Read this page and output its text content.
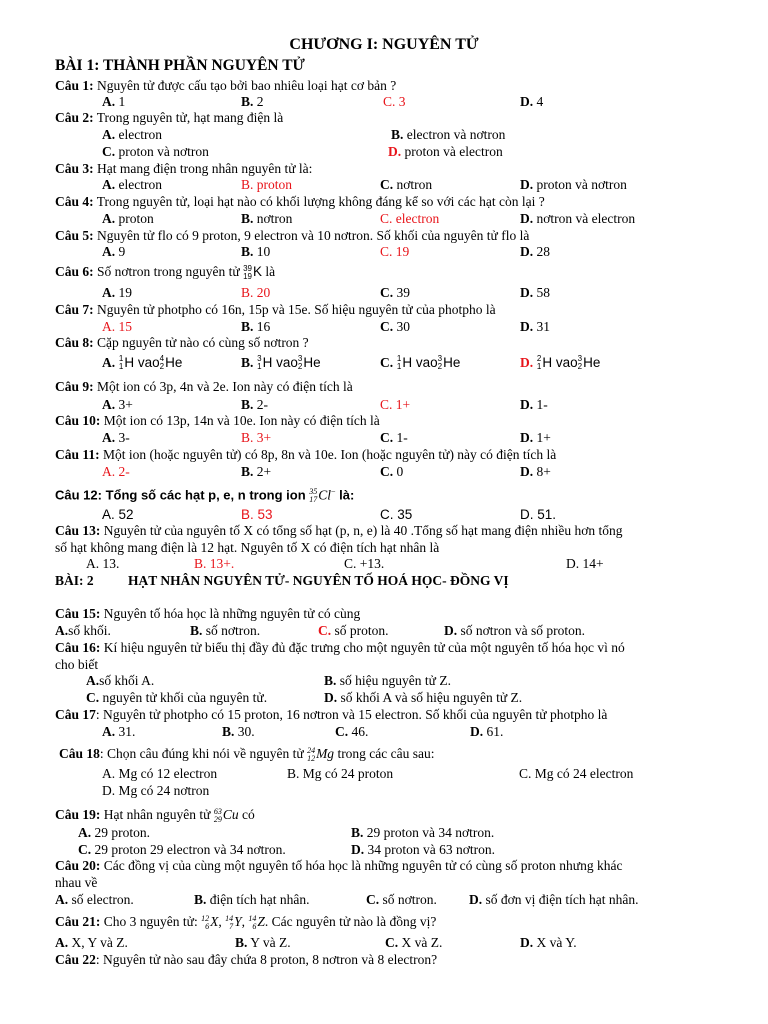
CHƯƠNG I: NGUYÊN TỬ
BÀI 1: THÀNH PHẦN NGUYÊN TỬ
Câu 1: Nguyên tử được cấu tạo bởi bao nhiêu loại hạt cơ bản ?
A. 1	B. 2	C. 3	D. 4
Câu 2: Trong nguyên tử, hạt mang điện là
A. electron	B. electron và nơtron
C. proton và nơtron	D. proton và electron
Câu 3: Hạt mang điện trong nhân nguyên tử là:
A. electron	B. proton	C. nơtron	D. proton và nơtron
Câu 4: Trong nguyên tử, loại hạt nào có khối lượng không đáng kể so với các hạt còn lại ?
A. proton	B. nơtron	C. electron	D. nơtron và electron
Câu 5: Nguyên tử flo có 9 proton, 9 electron và 10 nơtron. Số khối của nguyên tử flo là
A. 9	B. 10	C. 19	D. 28
Câu 6: Số nơtron trong nguyên tử 39
19 K là
A. 19	B. 20	C. 39	D. 58
Câu 7: Nguyên tử photpho có 16n, 15p và 15e. Số hiệu nguyên tử của photpho là
A. 15	B. 16	C. 30	D. 31
Câu 8: Cặp nguyên tử nào có cùng số nơtron ?
A. 1
1 H vao 4
2 He	B. 3
1 H vao 3
2 He	C. 1
1 H vao 3
2 He	D. 2
1 H vao 3
2 He
Câu 9: Một ion có 3p, 4n và 2e. Ion này có điện tích là
A. 3+	B. 2-	C. 1+	D. 1-
Câu 10: Một ion có 13p, 14n và 10e. Ion này có điện tích là
A. 3-	B. 3+	C. 1-	D. 1+
Câu 11: Một ion (hoặc nguyên tử) có 8p, 8n và 10e. Ion (hoặc nguyên tử) này có điện tích là
A. 2-	B. 2+	C. 0	D. 8+
Câu 12: Tổng số các hạt p, e, n trong ion 35
17 Cl− là:
A. 52	B. 53	C. 35	D. 51.
Câu 13: Nguyên tử của nguyên tố X có tổng số hạt (p, n, e) là 40 .Tổng số hạt mang điện nhiều hơn tổng
số hạt không mang điện là 12 hạt. Nguyên tố X có điện tích hạt nhân là
A. 13.	B. 13+.	C. +13.	D. 14+
BÀI: 2	HẠT NHÂN NGUYÊN TỬ- NGUYÊN TỐ HOÁ HỌC- ĐỒNG VỊ
Câu 15: Nguyên tố hóa học là những nguyên tử có cùng
A.số khối.	B. số nơtron.	C. số proton.	D. số nơtron và số proton.
Câu 16: Kí hiệu nguyên tử biểu thị đầy đủ đặc trưng cho một nguyên tử của một nguyên tố hóa học vì nó
cho biết
A.số khối A.	B. số hiệu nguyên tử Z.
C. nguyên tử khối của nguyên tử.	D. số khối A và số hiệu nguyên tử Z.
Câu 17: Nguyên tử photpho có 15 proton, 16 nơtron và 15 electron. Số khối của nguyên tử photpho là
A. 31.	B. 30.	C. 46.	D. 61.
Câu 18: Chọn câu đúng khi nói về nguyên tử 24
12 Mg trong các câu sau:
A. Mg có 12 electron	B. Mg có 24 proton	C. Mg có 24 electron
D. Mg có 24 nơtron
Câu 19: Hạt nhân nguyên tử 63
29 Cu có
A. 29 proton.	B. 29 proton và 34 nơtron.
C. 29 proton 29 electron và 34 nơtron.	D. 34 proton và 63 nơtron.
Câu 20: Các đồng vị của cùng một nguyên tố hóa học là những nguyên tử có cùng số proton nhưng khác
nhau về
A. số electron.	B. điện tích hạt nhân.	C. số nơtron. D. số đơn vị điện tích hạt nhân.
Câu 21: Cho 3 nguyên tử: 12
6 X, 14
7 Y, 14
6 Z. Các nguyên tử nào là đồng vị?
A. X, Y và Z.	B. Y và Z.	C. X và Z.	D. X và Y.
Câu 22: Nguyên tử nào sau đây chứa 8 proton, 8 nơtron và 8 electron?
